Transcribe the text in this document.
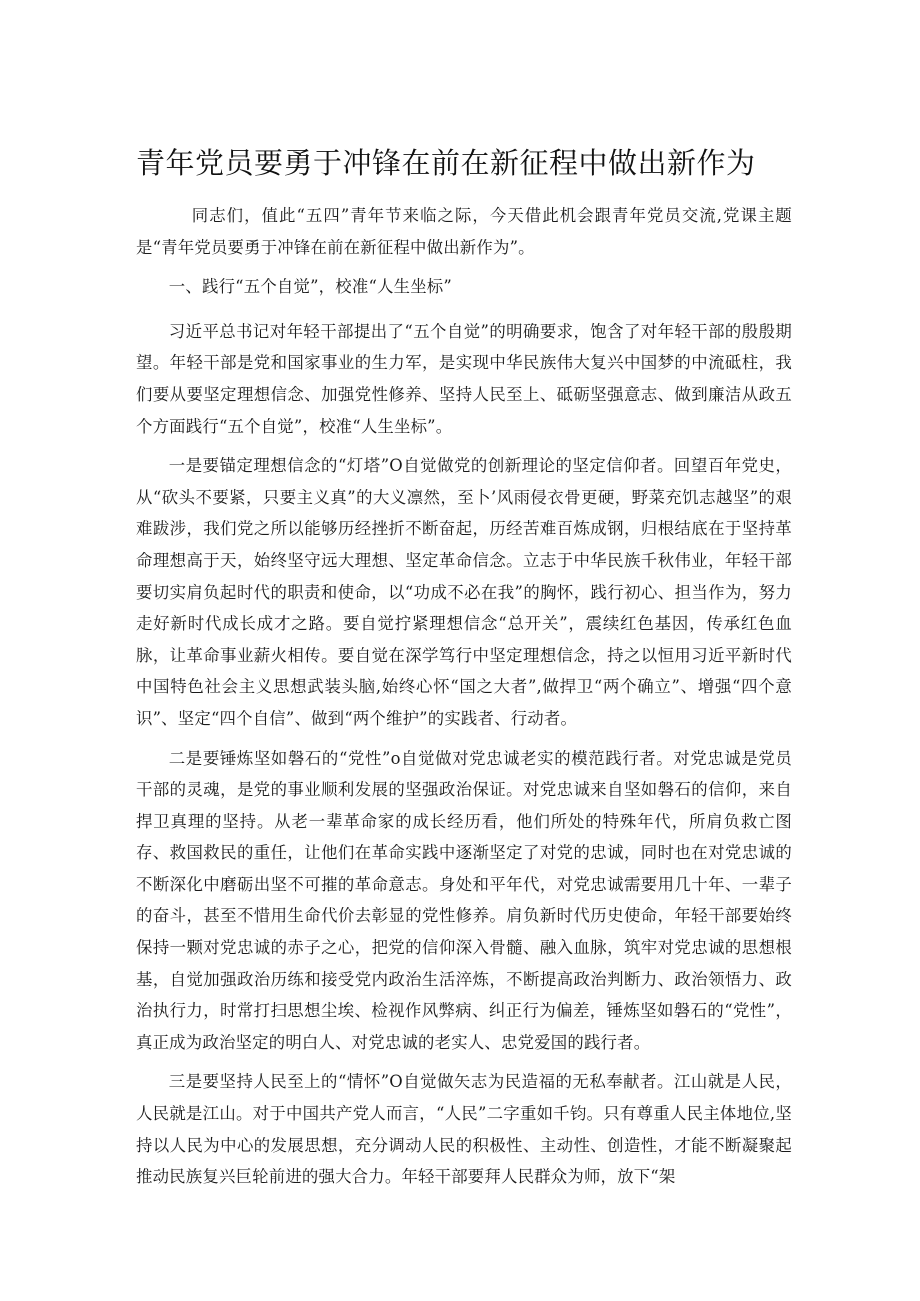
青年党员要勇于冲锋在前在新征程中做出新作为

同志们，值此“五四”青年节来临之际，今天借此机会跟青年党员交流,党课主题是“青年党员要勇于冲锋在前在新征程中做出新作为”。

一、践行“五个自觉”，校准“人生坐标”

习近平总书记对年轻干部提出了“五个自觉”的明确要求，饱含了对年轻干部的殷殷期望。年轻干部是党和国家事业的生力军，是实现中华民族伟大复兴中国梦的中流砥柱，我们要从要坚定理想信念、加强党性修养、坚持人民至上、砥砺坚强意志、做到廉洁从政五个方面践行“五个自觉”，校准“人生坐标”。

一是要锚定理想信念的“灯塔”O自觉做党的创新理论的坚定信仰者。回望百年党史，从“砍头不要紧，只要主义真”的大义凛然，至卜’风雨侵衣骨更硬，野菜充饥志越坚”的艰难跋涉，我们党之所以能够历经挫折不断奋起，历经苦难百炼成钢，归根结底在于坚持革命理想高于天，始终坚守远大理想、坚定革命信念。立志于中华民族千秋伟业，年轻干部要切实肩负起时代的职责和使命，以“功成不必在我”的胸怀，践行初心、担当作为，努力走好新时代成长成才之路。要自觉拧紧理想信念“总开关”，震续红色基因，传承红色血脉，让革命事业薪火相传。要自觉在深学笃行中坚定理想信念，持之以恒用习近平新时代中国特色社会主义思想武装头脑,始终心怀“国之大者”,做捍卫“两个确立”、增强“四个意识”、坚定“四个自信”、做到“两个维护”的实践者、行动者。

二是要锤炼坚如磐石的“党性”o自觉做对党忠诚老实的模范践行者。对党忠诚是党员干部的灵魂，是党的事业顺利发展的坚强政治保证。对党忠诚来自坚如磐石的信仰，来自捍卫真理的坚持。从老一辈革命家的成长经历看，他们所处的特殊年代，所肩负救亡图存、救国救民的重任，让他们在革命实践中逐渐坚定了对党的忠诚，同时也在对党忠诚的不断深化中磨砺出坚不可摧的革命意志。身处和平年代，对党忠诚需要用几十年、一辈子的奋斗，甚至不惜用生命代价去彰显的党性修养。肩负新时代历史使命，年轻干部要始终保持一颗对党忠诚的赤子之心，把党的信仰深入骨髓、融入血脉，筑牢对党忠诚的思想根基，自觉加强政治历练和接受党内政治生活淬炼，不断提高政治判断力、政治领悟力、政治执行力，时常打扫思想尘埃、检视作风弊病、纠正行为偏差，锤炼坚如磐石的“党性”，真正成为政治坚定的明白人、对党忠诚的老实人、忠党爱国的践行者。

三是要坚持人民至上的“情怀”O自觉做矢志为民造福的无私奉献者。江山就是人民，人民就是江山。对于中国共产党人而言，“人民”二字重如千钧。只有尊重人民主体地位,坚持以人民为中心的发展思想，充分调动人民的积极性、主动性、创造性，才能不断凝聚起推动民族复兴巨轮前进的强大合力。年轻干部要拜人民群众为师，放下“架
